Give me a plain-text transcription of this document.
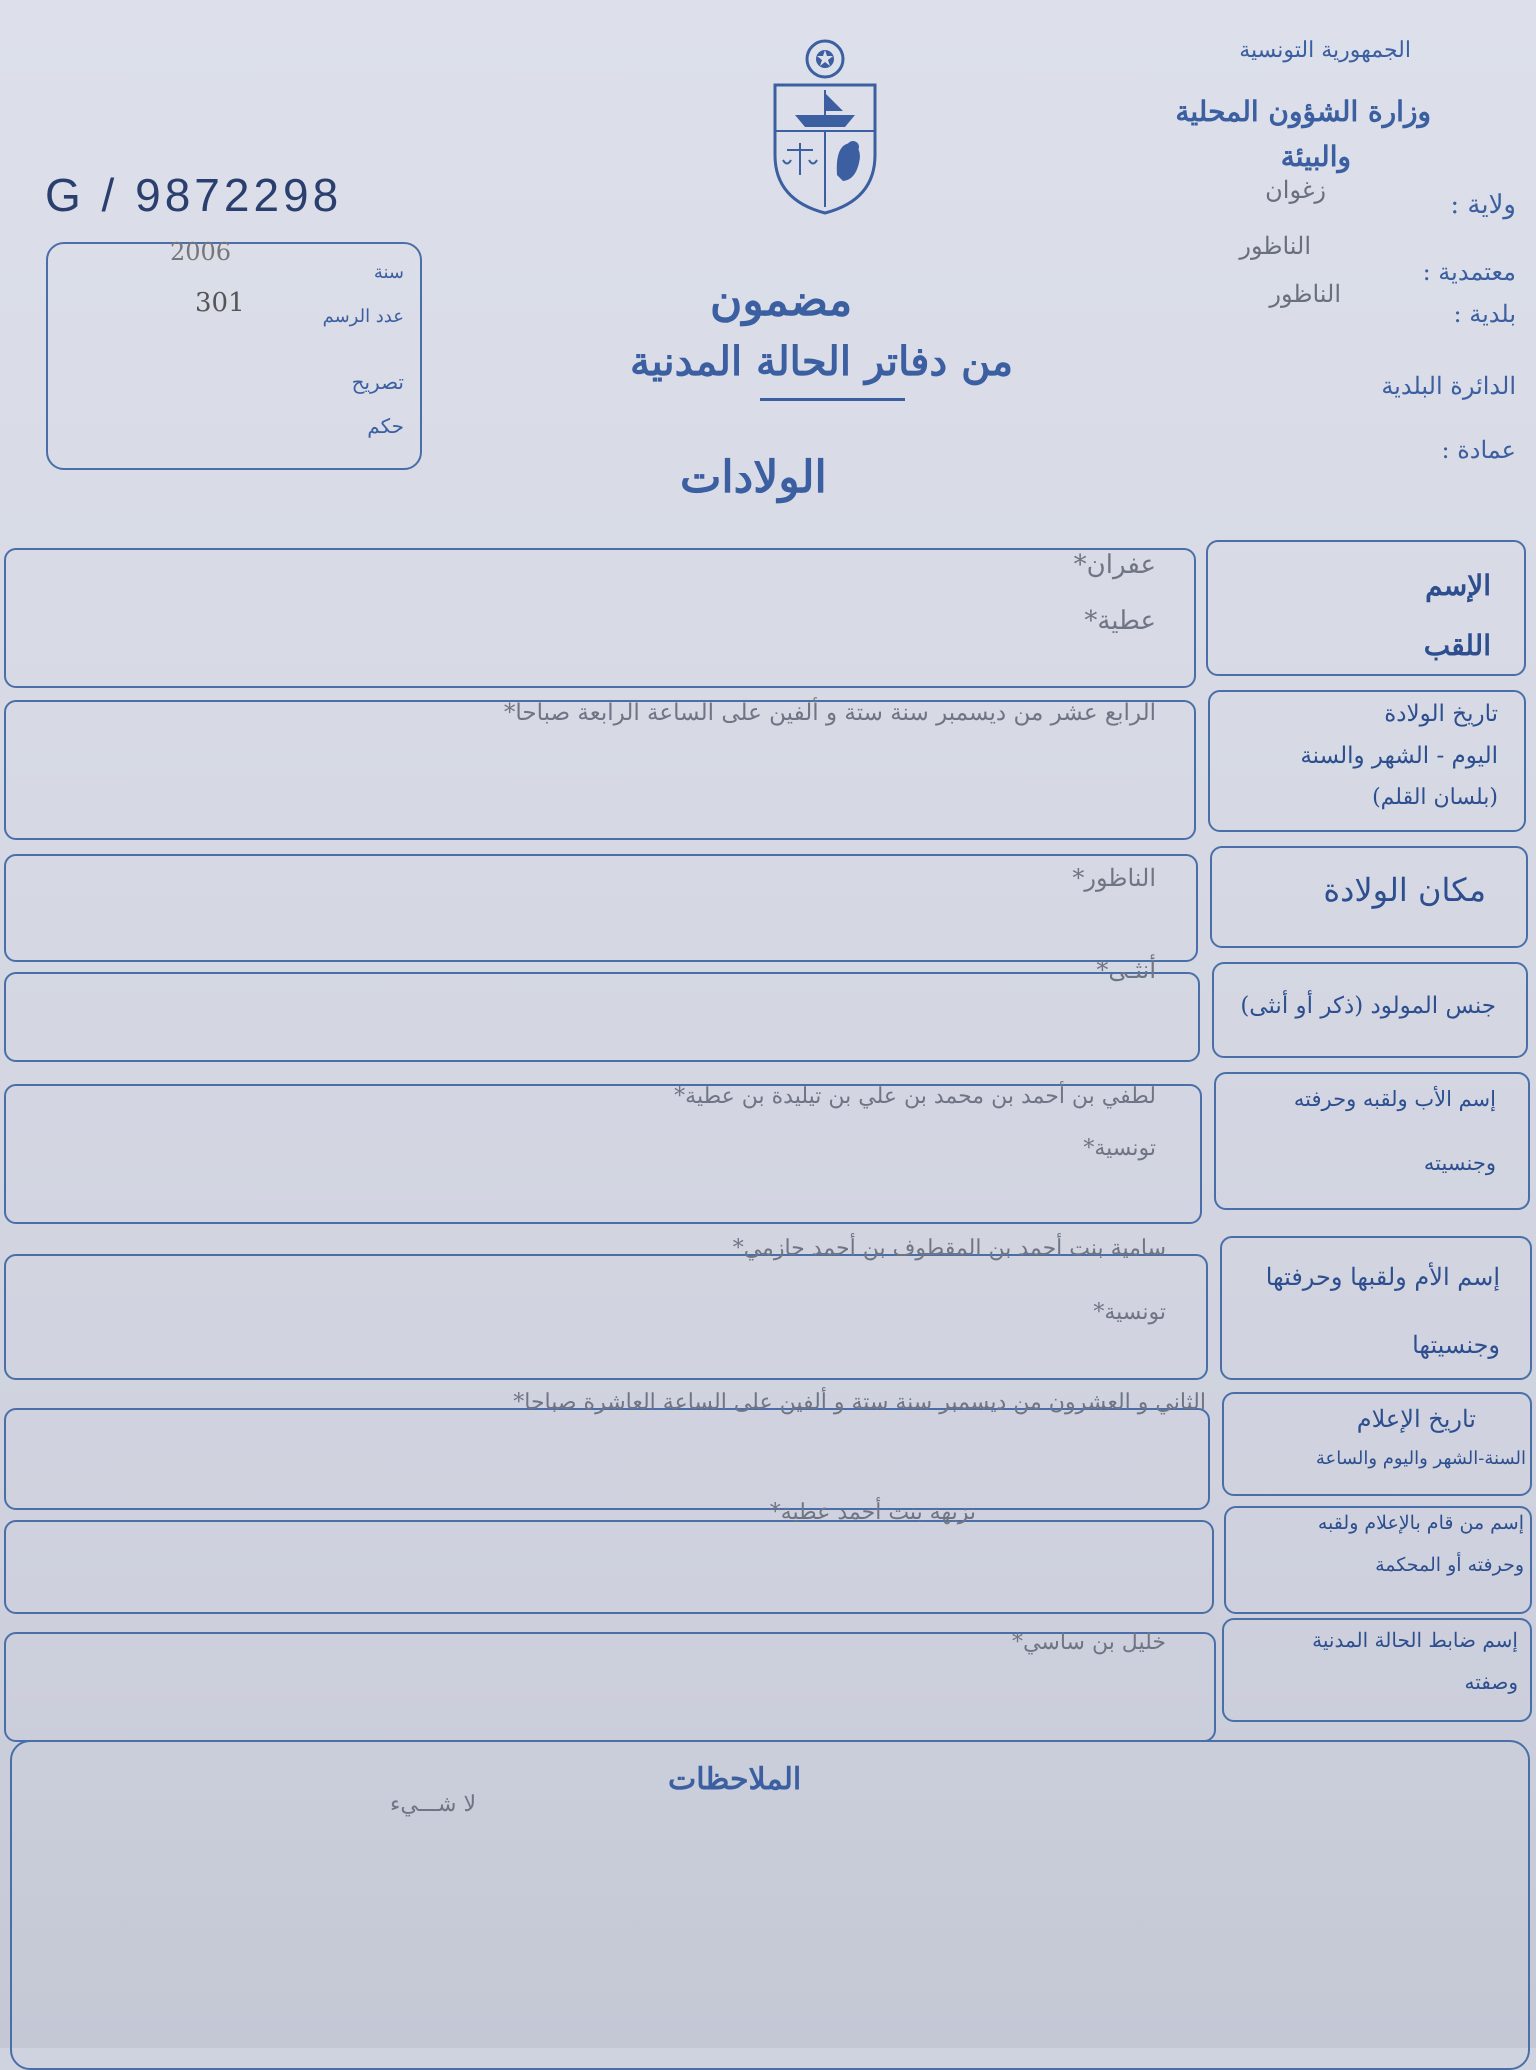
الجمهورية التونسية
وزارة الشؤون المحلية
والبيئة
ولاية :
زغوان
معتمدية :
الناظور
بلدية :
الناظور
الدائرة البلدية
عمادة :
G / 9872298
2006
سنة
301	عدد الرسم
تصريح
حكم
مضمون
من دفاتر الحالة المدنية
الولادات
الإسم
اللقب
عفران*
عطية*
تاريخ الولادة
اليوم - الشهر والسنة
(بلسان القلم)
الرابع عشر من ديسمبر سنة ستة و ألفين على الساعة الرابعة صباحا*
مكان الولادة
الناظور*
جنس المولود (ذكر أو أنثى)
أنثـى*
إسم الأب ولقبه وحرفته
وجنسيته
لطفي بن أحمد بن محمد بن علي بن تيليدة بن عطية*
تونسية*
إسم الأم ولقبها وحرفتها
وجنسيتها
سامية بنت أحمد بن المقطوف بن أحمد حازمي*
تونسية*
تاريخ الإعلام
السنة-الشهر واليوم والساعة
الثاني و العشرون من ديسمبر سنة ستة و ألفين على الساعة العاشرة صباحا*
إسم من قام بالإعلام ولقبه
وحرفته أو المحكمة
نزيهة بنت أحمد عطية*
إسم ضابط الحالة المدنية
وصفته
خليل بن ساسي*
الملاحظات
لا شـــيء
